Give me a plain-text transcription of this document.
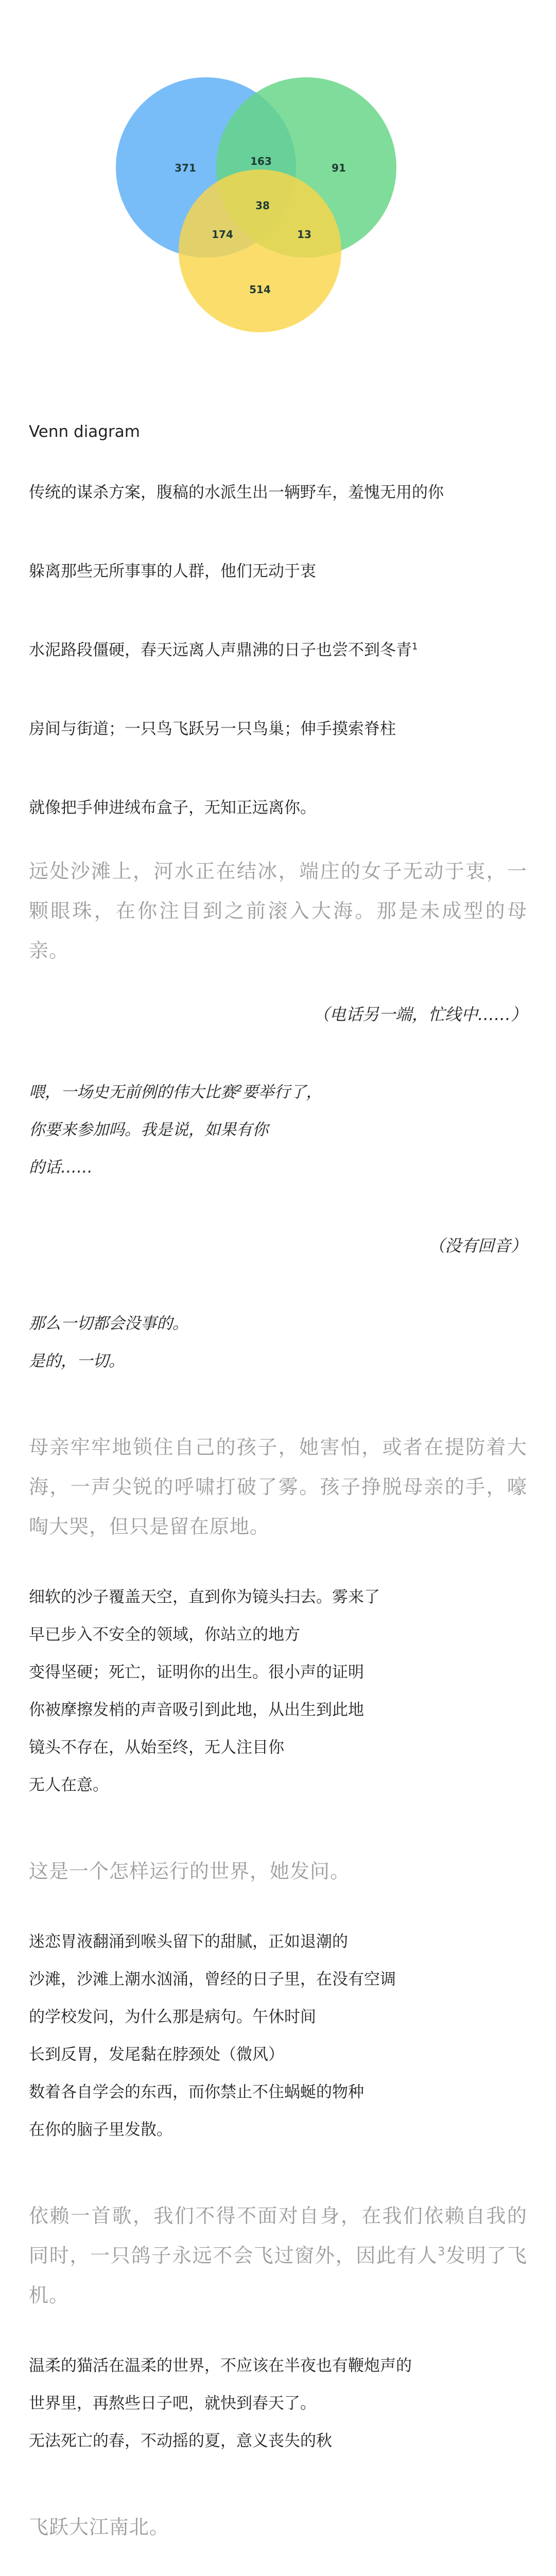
371
163
91
38
174	13
514

Venn diagram

传统的谋杀方案，腹稿的水派生出一辆野车，羞愧无用的你

躲离那些无所事事的人群，他们无动于衷

水泥路段僵硬，春天远离人声鼎沸的日子也尝不到冬青$^1$

房间与街道；一只鸟飞跃另一只鸟巢；伸手摸索脊柱

就像把手伸进绒布盒子，无知正远离你。

远处沙滩上，河水正在结冰，端庄的女子无动于衷，一颗眼珠，在你注目到之前滚入大海。那是未成型的母亲。

（电话另一端，忙线中……）

喂，一场史无前例的伟大比赛$^2$要举行了，

你要来参加吗。我是说，如果有你

的话……

（没有回音）

那么一切都会没事的。

是的，一切。

母亲牢牢地锁住自己的孩子，她害怕，或者在提防着大海，一声尖锐的呼啸打破了雾。孩子挣脱母亲的手，嚎啕大哭，但只是留在原地。

细软的沙子覆盖天空，直到你为镜头扫去。雾来了

早已步入不安全的领域，你站立的地方

变得坚硬；死亡，证明你的出生。很小声的证明

你被摩擦发梢的声音吸引到此地，从出生到此地

镜头不存在，从始至终，无人注目你

无人在意。

这是一个怎样运行的世界，她发问。

迷恋胃液翻涌到喉头留下的甜腻，正如退潮的

沙滩，沙滩上潮水汹涌，曾经的日子里，在没有空调

的学校发问，为什么那是病句。午休时间

长到反胃，发尾黏在脖颈处（微风）

数着各自学会的东西，而你禁止不住蜗蜒的物种

在你的脑子里发散。

依赖一首歌，我们不得不面对自身，在我们依赖自我的同时，一只鸽子永远不会飞过窗外，因此有人$^3$发明了飞机。

温柔的猫活在温柔的世界，不应该在半夜也有鞭炮声的

世界里，再熬些日子吧，就快到春天了。

无法死亡的春，不动摇的夏，意义丧失的秋

飞跃大江南北。
